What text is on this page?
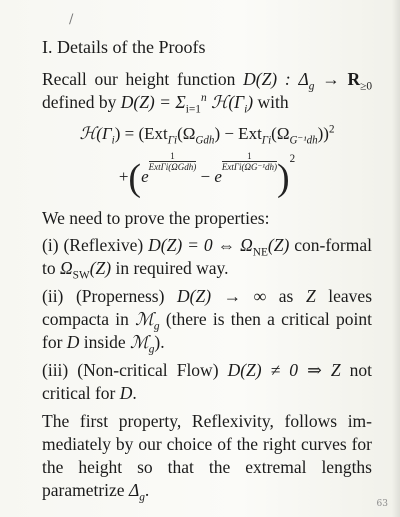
/

I. Details of the Proofs

Recall our height function D(Z) : $\Delta_g \to R_{\ge 0}$ defined by $D(Z) = \Sigma_{i=1}^n$ $ℋ(\Gamma_i)$ with

$ℋ(\Gamma_i) = (Ext_{\Gamma i}(\Omega_{Gdh}) - Ext_{\Gamma i}(\Omega_{G^{-1}dh}))^2$
+(e
$\frac{1}{\text{ExtΓi(ΩGdh)}}$
− e
$\frac{1}{\text{ExtΓi(ΩG⁻¹dh)}} )^2$

We need to prove the properties:

(i) (Reflexive) D(Z) = 0 ⇔ $\Omega_{NE}(Z)$ con-formal to $\Omega_{SW}(Z)$ in required way.

(ii) (Properness) D(Z) → ∞ as Z leaves compacta in ℳ$_g$ (there is then a critical point for D inside ℳ$_g$).

(iii) (Non-critical Flow) D(Z) ≠ 0 ⇒ Z not critical for D.

The first property, Reflexivity, follows im-mediately by our choice of the right curves for the height so that the extremal lengths parametrize $\Delta_g$.

63
